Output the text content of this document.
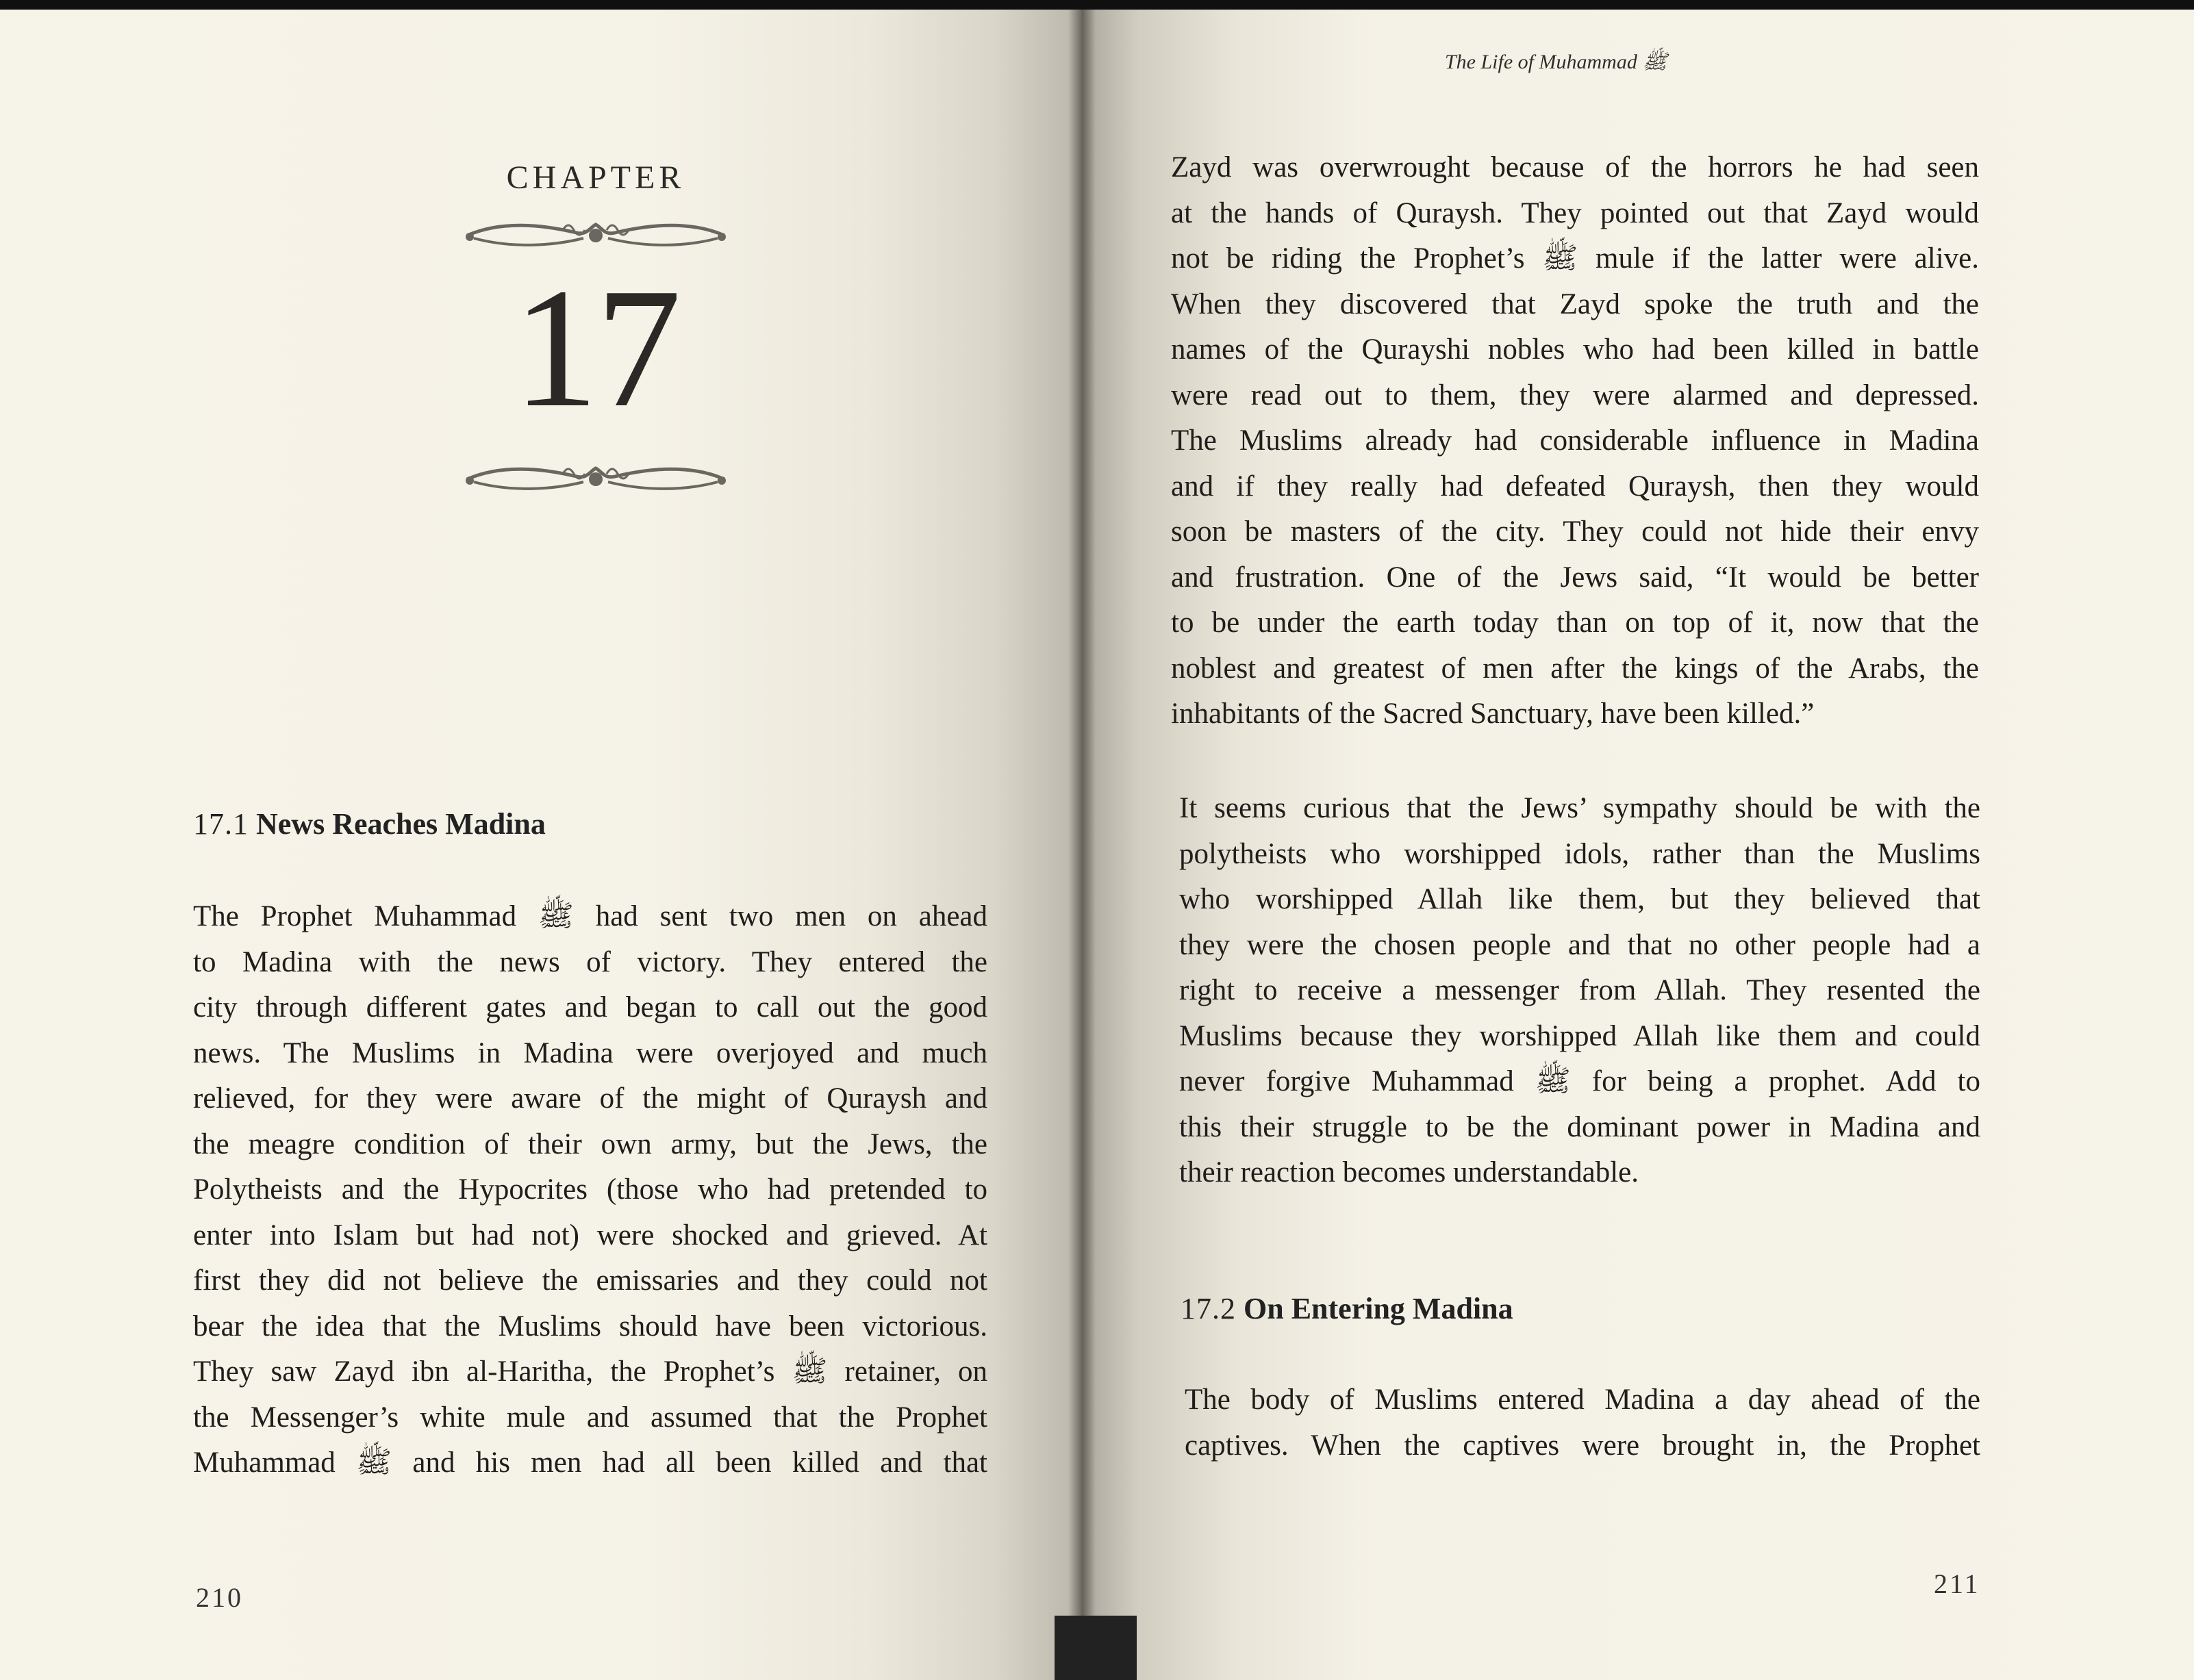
CHAPTER
17
17.1 News Reaches Madina
The Prophet Muhammad ﷺ had sent two men on ahead
to Madina with the news of victory. They entered the
city through different gates and began to call out the good
news. The Muslims in Madina were overjoyed and much
relieved, for they were aware of the might of Quraysh and
the meagre condition of their own army, but the Jews, the
Polytheists and the Hypocrites (those who had pretended to
enter into Islam but had not) were shocked and grieved. At
first they did not believe the emissaries and they could not
bear the idea that the Muslims should have been victorious.
They saw Zayd ibn al-Haritha, the Prophet’s ﷺ retainer, on
the Messenger’s white mule and assumed that the Prophet
Muhammad ﷺ and his men had all been killed and that
210
The Life of Muhammad ﷺ
Zayd was overwrought because of the horrors he had seen
at the hands of Quraysh. They pointed out that Zayd would
not be riding the Prophet’s ﷺ mule if the latter were alive.
When they discovered that Zayd spoke the truth and the
names of the Qurayshi nobles who had been killed in battle
were read out to them, they were alarmed and depressed.
The Muslims already had considerable influence in Madina
and if they really had defeated Quraysh, then they would
soon be masters of the city. They could not hide their envy
and frustration. One of the Jews said, “It would be better
to be under the earth today than on top of it, now that the
noblest and greatest of men after the kings of the Arabs, the
inhabitants of the Sacred Sanctuary, have been killed.”
It seems curious that the Jews’ sympathy should be with the
polytheists who worshipped idols, rather than the Muslims
who worshipped Allah like them, but they believed that
they were the chosen people and that no other people had a
right to receive a messenger from Allah. They resented the
Muslims because they worshipped Allah like them and could
never forgive Muhammad ﷺ for being a prophet. Add to
this their struggle to be the dominant power in Madina and
their reaction becomes understandable.
17.2 On Entering Madina
The body of Muslims entered Madina a day ahead of the
captives. When the captives were brought in, the Prophet
211
